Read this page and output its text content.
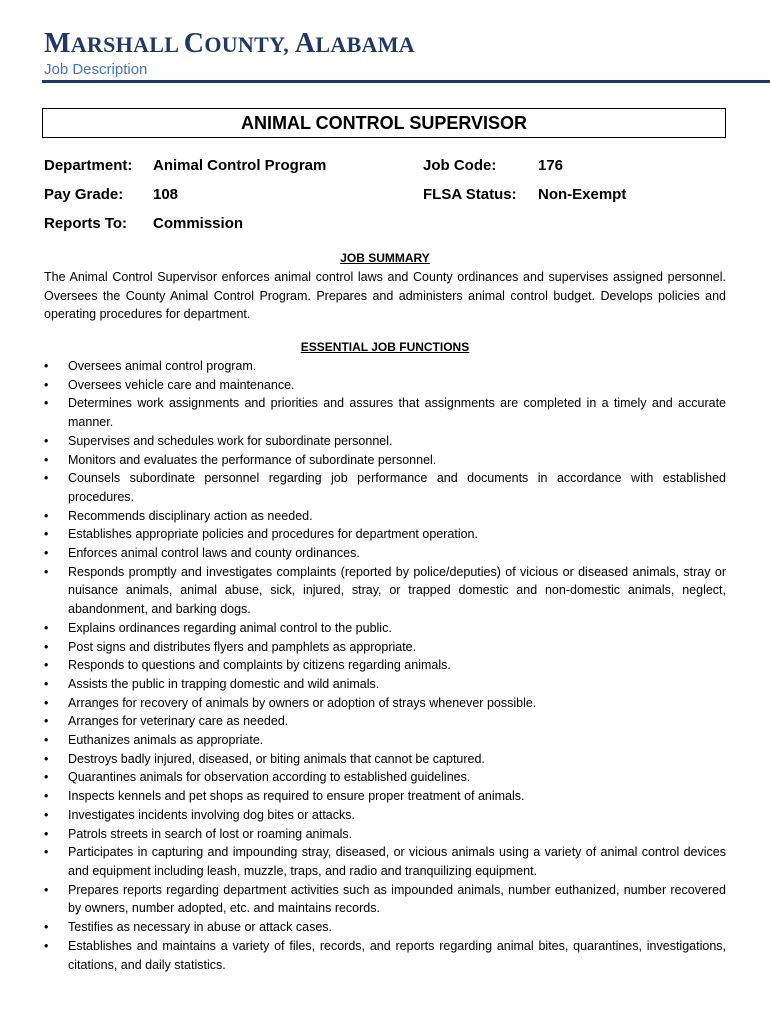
MARSHALL COUNTY, ALABAMA
Job Description
ANIMAL CONTROL SUPERVISOR
Department: Animal Control Program	Job Code:	176
Pay Grade: 108	FLSA Status: Non-Exempt
Reports To: Commission
JOB SUMMARY

The Animal Control Supervisor enforces animal control laws and County ordinances and supervises assigned personnel. Oversees the County Animal Control Program. Prepares and administers animal control budget. Develops policies and operating procedures for department.

ESSENTIAL JOB FUNCTIONS
• Oversees animal control program.
• Oversees vehicle care and maintenance.
• Determines work assignments and priorities and assures that assignments are completed in a timely and accurate manner.
• Supervises and schedules work for subordinate personnel.
• Monitors and evaluates the performance of subordinate personnel.
• Counsels subordinate personnel regarding job performance and documents in accordance with established procedures.
• Recommends disciplinary action as needed.
• Establishes appropriate policies and procedures for department operation.
• Enforces animal control laws and county ordinances.
• Responds promptly and investigates complaints (reported by police/deputies) of vicious or diseased animals, stray or nuisance animals, animal abuse, sick, injured, stray, or trapped domestic and non-domestic animals, neglect, abandonment, and barking dogs.
• Explains ordinances regarding animal control to the public.
• Post signs and distributes flyers and pamphlets as appropriate.
• Responds to questions and complaints by citizens regarding animals.
• Assists the public in trapping domestic and wild animals.
• Arranges for recovery of animals by owners or adoption of strays whenever possible.
• Arranges for veterinary care as needed.
• Euthanizes animals as appropriate.
• Destroys badly injured, diseased, or biting animals that cannot be captured.
• Quarantines animals for observation according to established guidelines.
• Inspects kennels and pet shops as required to ensure proper treatment of animals.
• Investigates incidents involving dog bites or attacks.
• Patrols streets in search of lost or roaming animals.
• Participates in capturing and impounding stray, diseased, or vicious animals using a variety of animal control devices and equipment including leash, muzzle, traps, and radio and tranquilizing equipment.
• Prepares reports regarding department activities such as impounded animals, number euthanized, number recovered by owners, number adopted, etc. and maintains records.
• Testifies as necessary in abuse or attack cases.
• Establishes and maintains a variety of files, records, and reports regarding animal bites, quarantines, investigations, citations, and daily statistics.
